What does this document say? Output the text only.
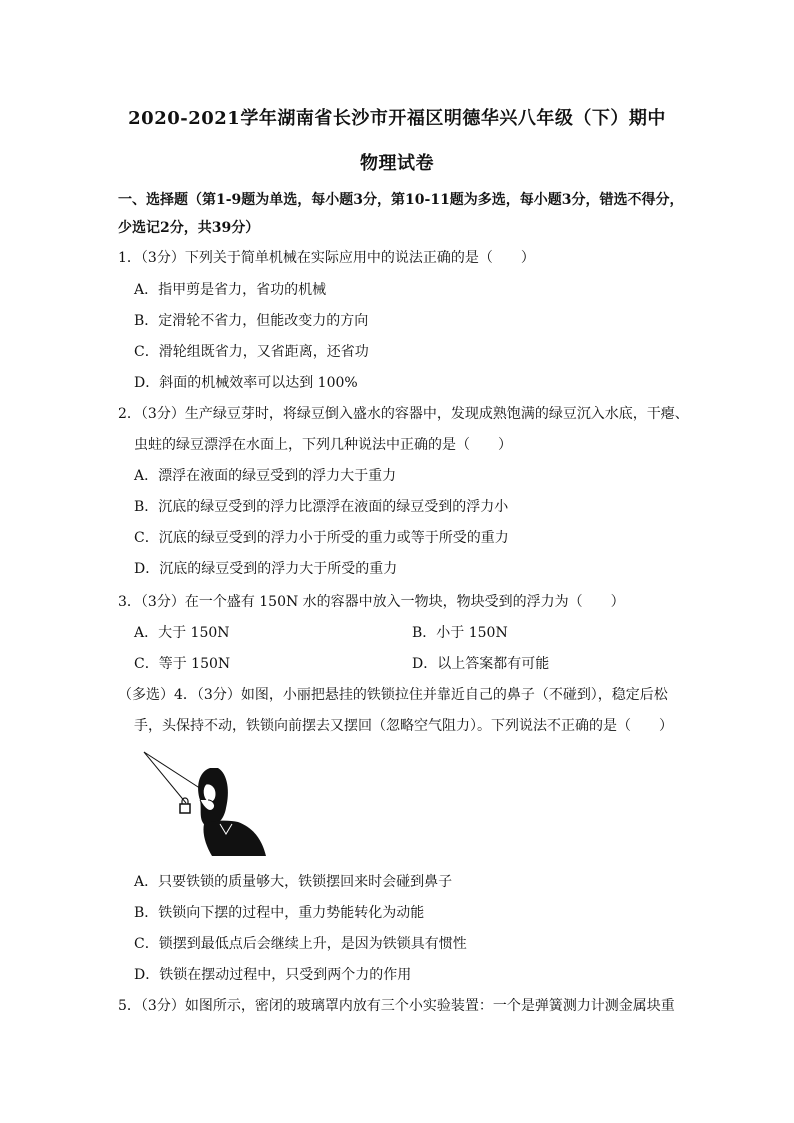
2020-2021学年湖南省长沙市开福区明德华兴八年级（下）期中
物理试卷
一、选择题（第1-9题为单选，每小题3分，第10-11题为多选，每小题3分，错选不得分，
少选记2分，共39分）
1．（3分）下列关于简单机械在实际应用中的说法正确的是（　　）
A．指甲剪是省力，省功的机械
B．定滑轮不省力，但能改变力的方向
C．滑轮组既省力，又省距离，还省功
D．斜面的机械效率可以达到 100%
2．（3分）生产绿豆芽时，将绿豆倒入盛水的容器中，发现成熟饱满的绿豆沉入水底，干瘪、
虫蛀的绿豆漂浮在水面上，下列几种说法中正确的是（　　）
A．漂浮在液面的绿豆受到的浮力大于重力
B．沉底的绿豆受到的浮力比漂浮在液面的绿豆受到的浮力小
C．沉底的绿豆受到的浮力小于所受的重力或等于所受的重力
D．沉底的绿豆受到的浮力大于所受的重力
3．（3分）在一个盛有 150N 水的容器中放入一物块，物块受到的浮力为（　　）
A．大于 150N	B．小于 150N
C．等于 150N	D．以上答案都有可能
（多选）4．（3分）如图，小丽把悬挂的铁锁拉住并靠近自己的鼻子（不碰到），稳定后松
手，头保持不动，铁锁向前摆去又摆回（忽略空气阻力）。下列说法不正确的是（　　）
A．只要铁锁的质量够大，铁锁摆回来时会碰到鼻子
B．铁锁向下摆的过程中，重力势能转化为动能
C．锁摆到最低点后会继续上升，是因为铁锁具有惯性
D．铁锁在摆动过程中，只受到两个力的作用
5．（3分）如图所示，密闭的玻璃罩内放有三个小实验装置：一个是弹簧测力计测金属块重
